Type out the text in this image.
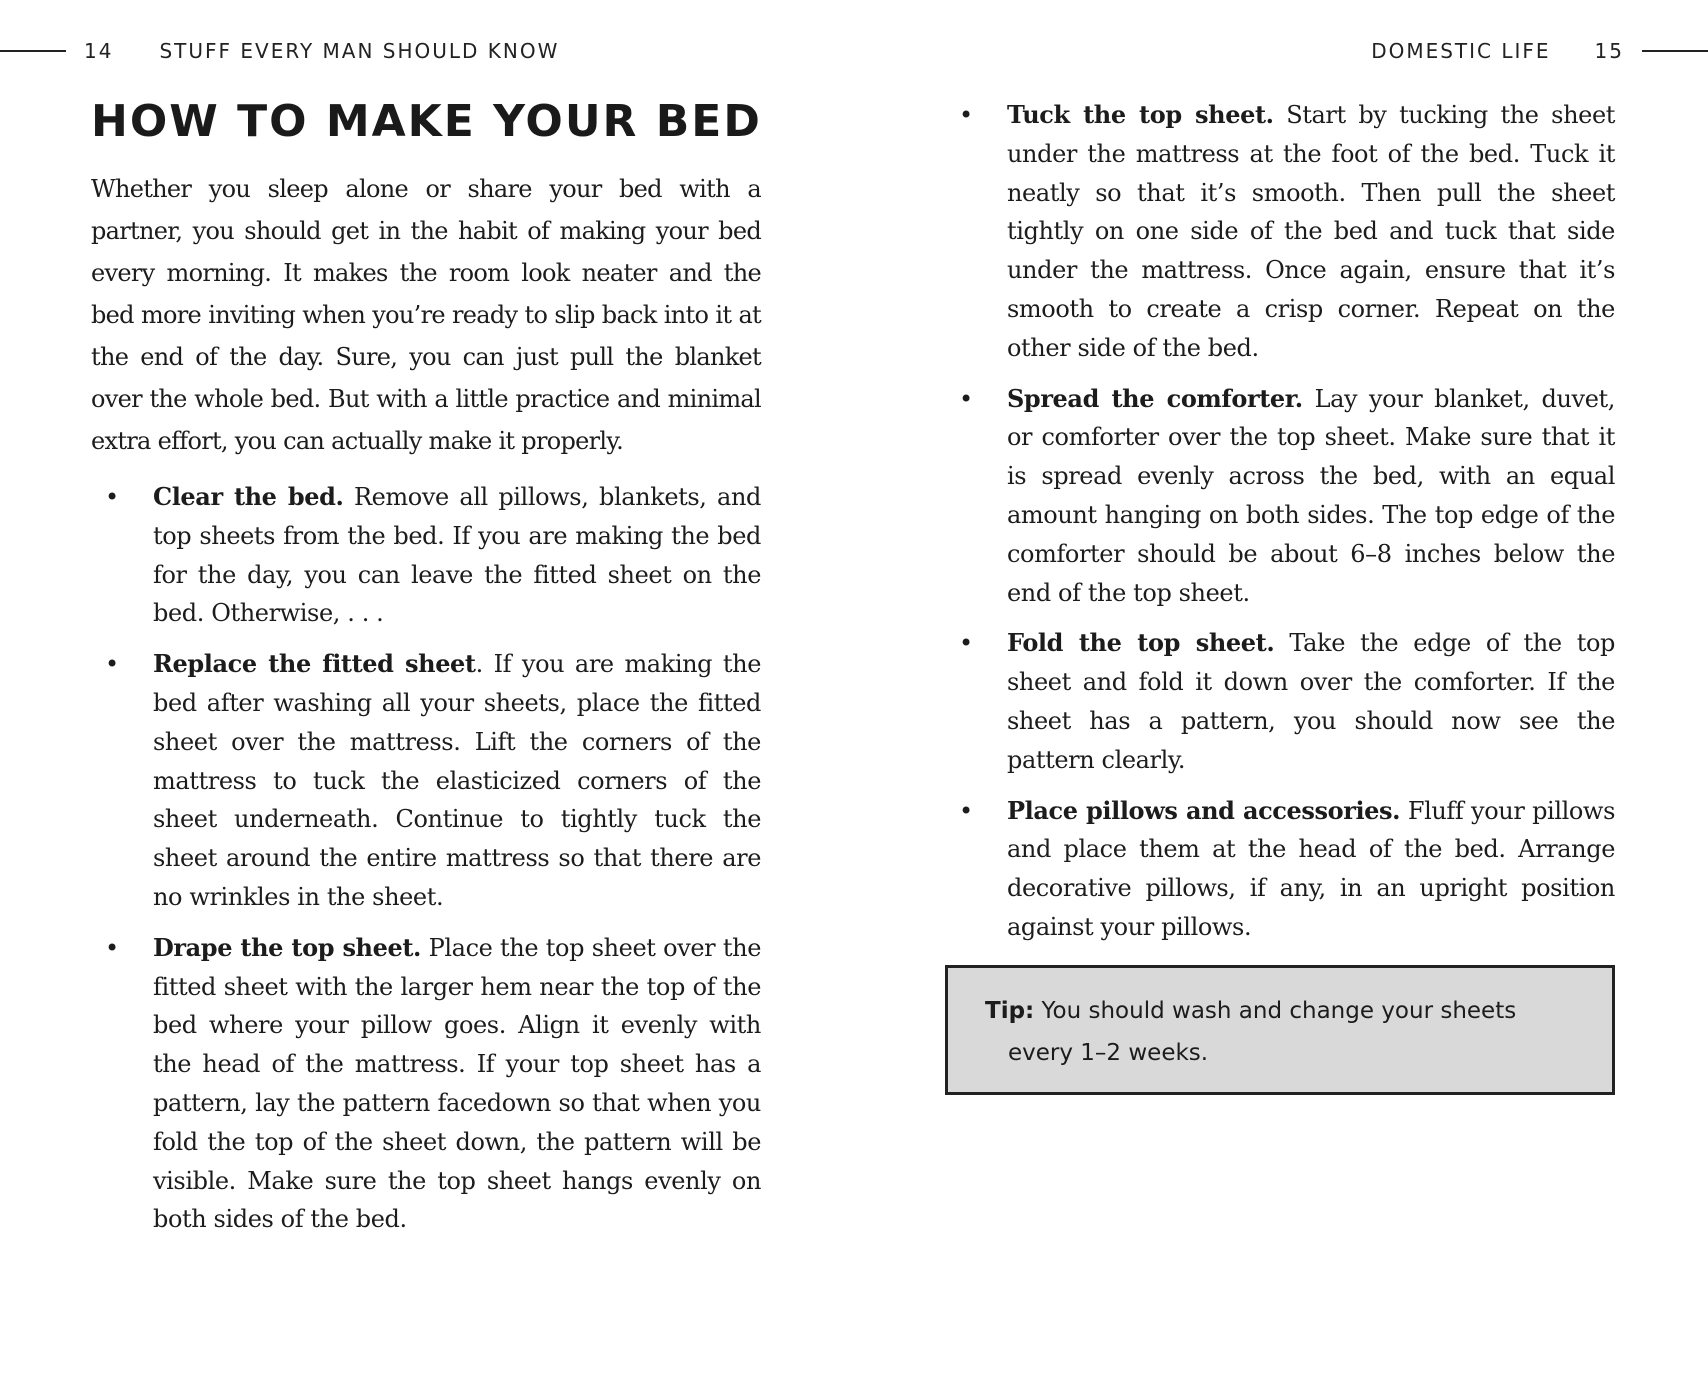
14 STUFF EVERY MAN SHOULD KNOW	DOMESTIC LIFE 15
HOW TO MAKE YOUR BED

Whether you sleep alone or share your bed with a partner, you should get in the habit of making your bed every morning. It makes the room look neater and the bed more inviting when you’re ready to slip back into it at the end of the day. Sure, you can just pull the blanket over the whole bed. But with a little practice and minimal extra effort, you can actually make it properly.

• Clear the bed. Remove all pillows, blankets, and top sheets from the bed. If you are making the bed for the day, you can leave the fitted sheet on the bed. Otherwise, . . .
• Replace the fitted sheet. If you are making the bed after washing all your sheets, place the fitted sheet over the mattress. Lift the corners of the mattress to tuck the elasticized corners of the sheet underneath. Continue to tightly tuck the sheet around the entire mattress so that there are no wrinkles in the sheet.
• Drape the top sheet. Place the top sheet over the fitted sheet with the larger hem near the top of the bed where your pillow goes. Align it evenly with the head of the mattress. If your top sheet has a pattern, lay the pattern facedown so that when you fold the top of the sheet down, the pattern will be visible. Make sure the top sheet hangs evenly on both sides of the bed.
• Tuck the top sheet. Start by tucking the sheet under the mattress at the foot of the bed. Tuck it neatly so that it’s smooth. Then pull the sheet tightly on one side of the bed and tuck that side under the mattress. Once again, ensure that it’s smooth to create a crisp corner. Repeat on the other side of the bed.
• Spread the comforter. Lay your blanket, duvet, or comforter over the top sheet. Make sure that it is spread evenly across the bed, with an equal amount hanging on both sides. The top edge of the comforter should be about 6–8 inches below the end of the top sheet.
• Fold the top sheet. Take the edge of the top sheet and fold it down over the comforter. If the sheet has a pattern, you should now see the pattern clearly.
• Place pillows and accessories. Fluff your pillows and place them at the head of the bed. Arrange decorative pillows, if any, in an upright position against your pillows.
Tip: You should wash and change your sheets
every 1–2 weeks.
